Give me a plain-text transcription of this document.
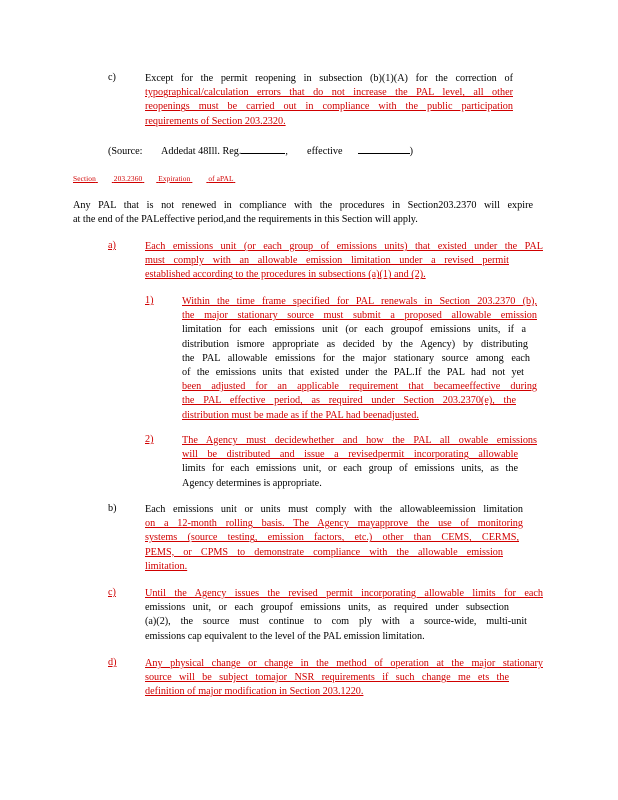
c)	Except for the permit reopening in subsection (b)(1)(A) for the correction of
typographical/calculation errors that do not increase the PAL level, all other
reopenings must be carried out in compliance with the public participation
requirements of Section 203.2320.
(Source: Addedat 48Ill. Reg.	, effective	)
Section 203.2360 Expiration of aPAL
Any PAL that is not renewed in compliance with the procedures in Section203.2370 will expire
at the end of the PALeffective period,and the requirements in this Section will apply.
a)	Each emissions unit (or each group of emissions units) that existed under the PAL
must comply with an allowable emission limitation under a revised permit
established according to the procedures in subsections (a)(1) and (2).
1)	Within the time frame specified for PAL renewals in Section 203.2370 (b),
the major stationary source must submit a proposed allowable emission
limitation for each emissions unit (or each groupof emissions units, if a
distribution ismore appropriate as decided by the Agency) by distributing
the PAL allowable emissions for the major stationary source among each
of the emissions units that existed under the PAL.If the PAL had not yet
been adjusted for an applicable requirement that becameeffective during
the PAL effective period, as required under Section 203.2370(e), the
distribution must be made as if the PAL had beenadjusted.
2)	The Agency must decidewhether and how the PAL all owable emissions
will be distributed and issue a revisedpermit incorporating allowable
limits for each emissions unit, or each group of emissions units, as the
Agency determines is appropriate.
b)	Each emissions unit or units must comply with the allowableemission limitation
on a 12-month rolling basis. The Agency mayapprove the use of monitoring
systems (source testing, emission factors, etc.) other than CEMS, CERMS,
PEMS, or CPMS to demonstrate compliance with the allowable emission
limitation.
c)	Until the Agency issues the revised permit incorporating allowable limits for each
emissions unit, or each groupof emissions units, as required under subsection
(a)(2), the source must continue to com ply with a source-wide, multi-unit
emissions cap equivalent to the level of the PAL emission limitation.
d)	Any physical change or change in the method of operation at the major stationary
source will be subject tomajor NSR requirements if such change me ets the
definition of major modification in Section 203.1220.
